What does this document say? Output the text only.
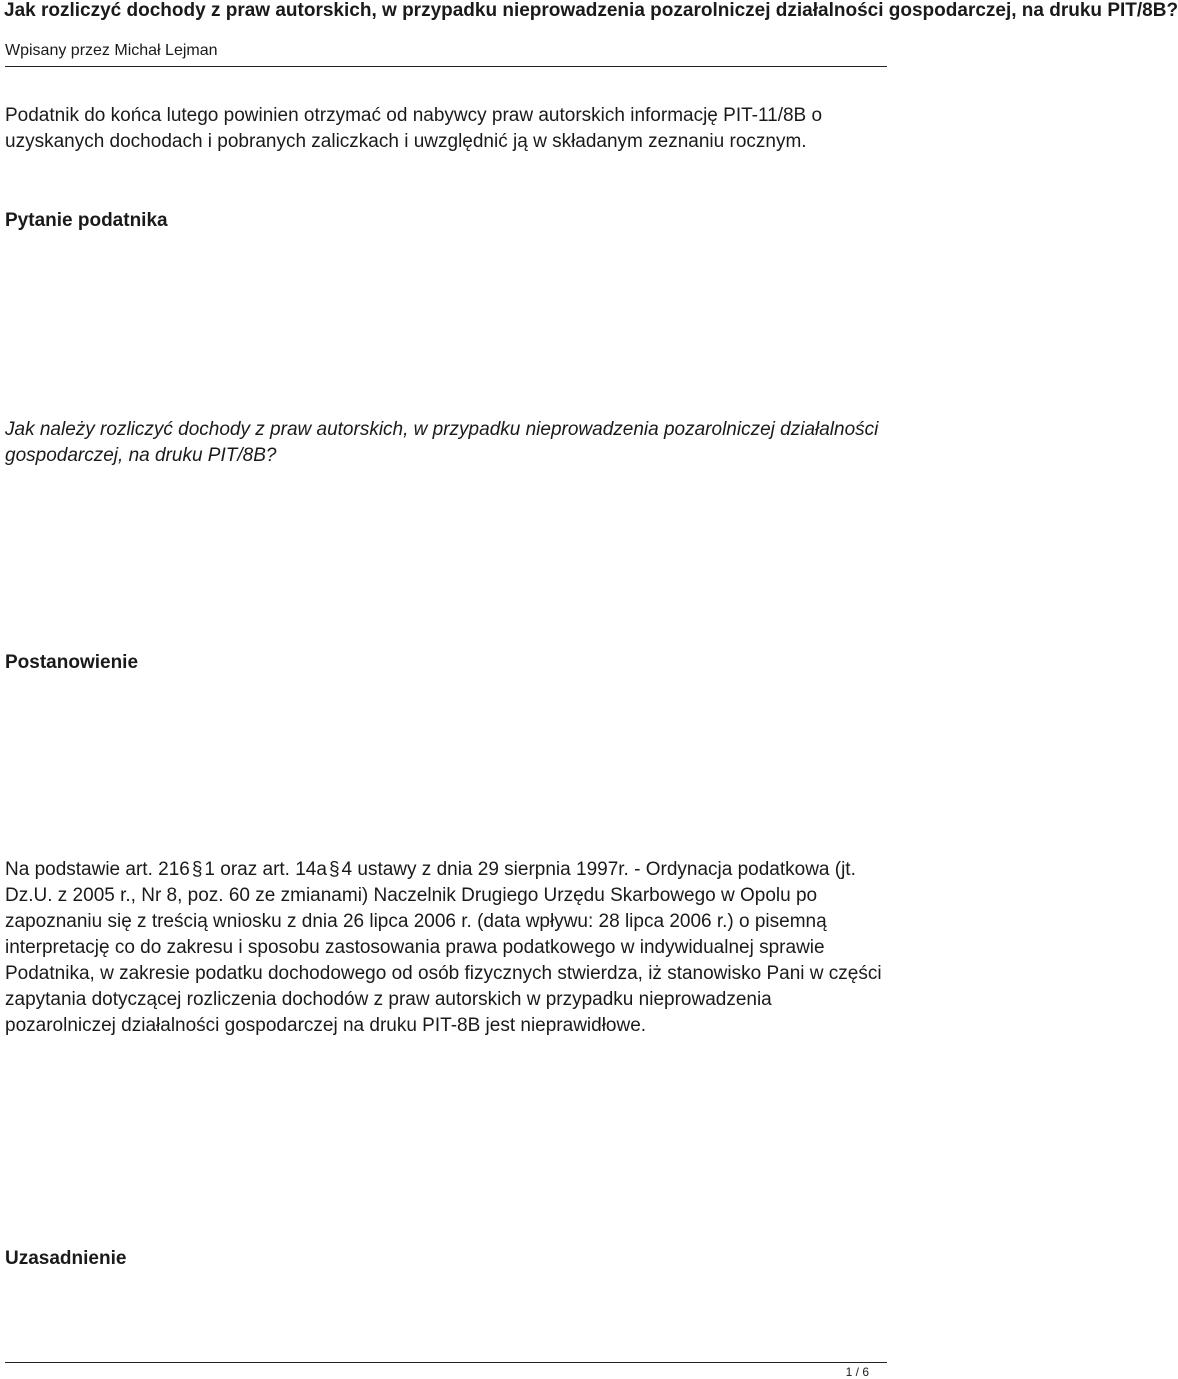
Jak rozliczyć dochody z praw autorskich, w przypadku nieprowadzenia pozarolniczej działalności gospodarczej, na druku PIT/8B?
Wpisany przez Michał Lejman
Podatnik do końca lutego powinien otrzymać od nabywcy praw autorskich informację PIT-11/8B o uzyskanych dochodach i pobranych zaliczkach i uwzględnić ją w składanym zeznaniu rocznym.
Pytanie podatnika
Jak należy rozliczyć dochody z praw autorskich, w przypadku nieprowadzenia pozarolniczej działalności gospodarczej, na druku PIT/8B?
Postanowienie
Na podstawie art. 216 § 1 oraz art. 14a § 4 ustawy z dnia 29 sierpnia 1997r. - Ordynacja podatkowa (jt. Dz.U. z 2005 r., Nr 8, poz. 60 ze zmianami) Naczelnik Drugiego Urzędu Skarbowego w Opolu po zapoznaniu się z treścią wniosku z dnia 26 lipca 2006 r. (data wpływu: 28 lipca 2006 r.) o pisemną interpretację co do zakresu i sposobu zastosowania prawa podatkowego w indywidualnej sprawie Podatnika, w zakresie podatku dochodowego od osób fizycznych stwierdza, iż stanowisko Pani w części zapytania dotyczącej rozliczenia dochodów z praw autorskich w przypadku nieprowadzenia pozarolniczej działalności gospodarczej na druku PIT-8B jest nieprawidłowe.
Uzasadnienie
1 / 6
